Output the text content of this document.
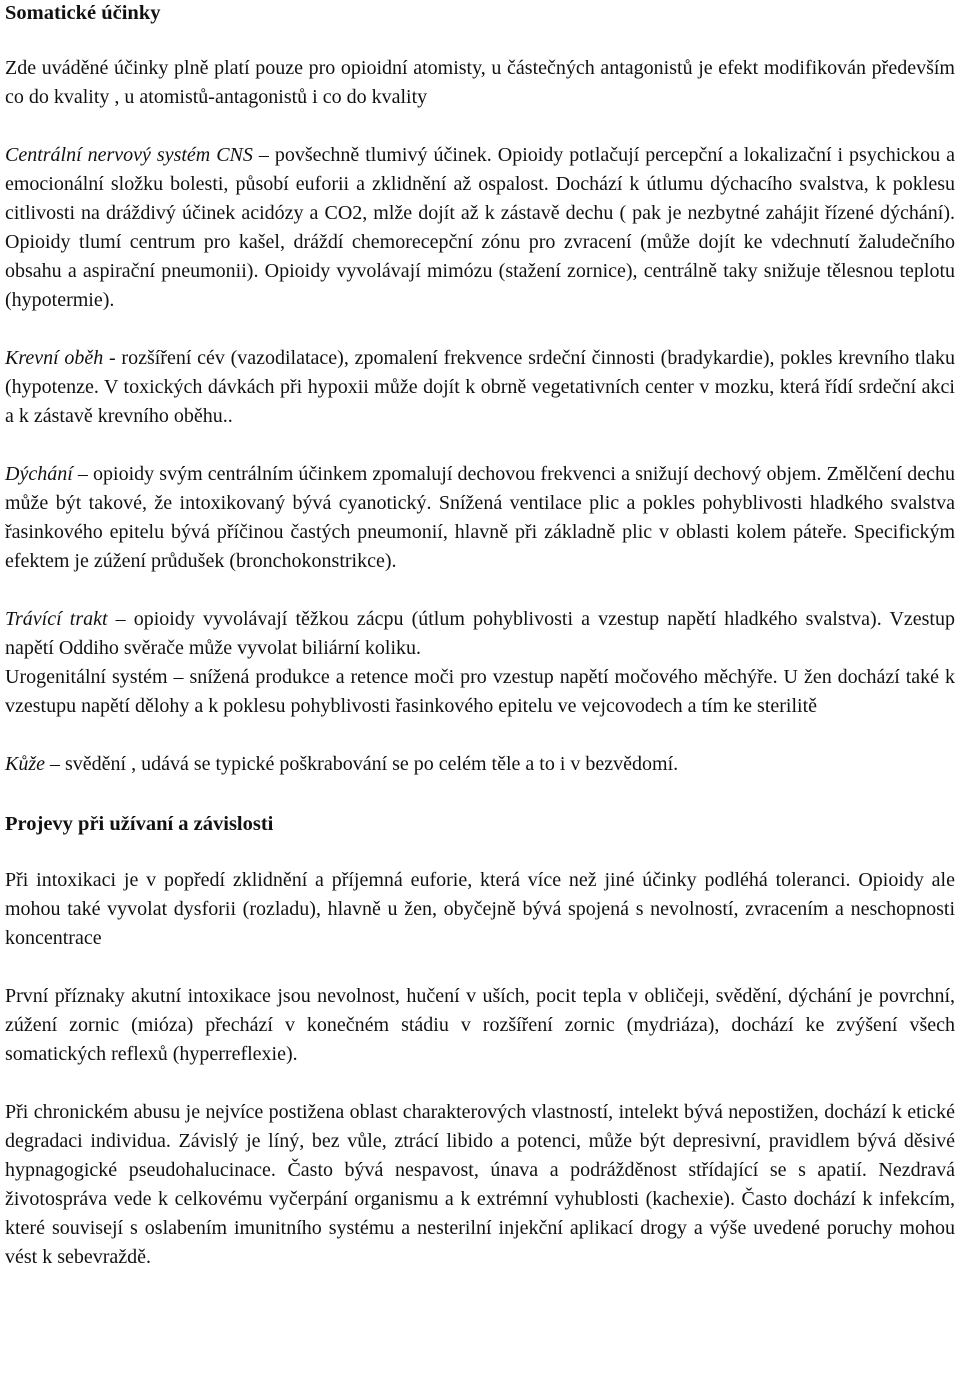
Somatické účinky

Zde uváděné účinky plně platí pouze pro opioidní atomisty, u částečných antagonistů je efekt modifikován především co do kvality , u atomistů-antagonistů i co do kvality

Centrální nervový systém CNS – povšechně tlumivý účinek. Opioidy potlačují percepční a lokalizační i psychickou a emocionální složku bolesti, působí euforii a zklidnění až ospalost. Dochází k útlumu dýchacího svalstva, k poklesu citlivosti na dráždivý účinek acidózy a CO2, mlže dojít až k zástavě dechu ( pak je nezbytné zahájit řízené dýchání). Opioidy tlumí centrum pro kašel, dráždí chemorecepční zónu pro zvracení (může dojít ke vdechnutí žaludečního obsahu a aspirační pneumonii). Opioidy vyvolávají mimózu (stažení zornice), centrálně taky snižuje tělesnou teplotu (hypotermie).

Krevní oběh - rozšíření cév (vazodilatace), zpomalení frekvence srdeční činnosti (bradykardie), pokles krevního tlaku (hypotenze. V toxických dávkách při hypoxii může dojít k obrně vegetativních center v mozku, která řídí srdeční akci a k zástavě krevního oběhu..

Dýchání – opioidy svým centrálním účinkem zpomalují dechovou frekvenci a snižují dechový objem. Změlčení dechu může být takové, že intoxikovaný bývá cyanotický. Snížená ventilace plic a pokles pohyblivosti hladkého svalstva řasinkového epitelu bývá příčinou častých pneumonií, hlavně při základně plic v oblasti kolem páteře. Specifickým efektem je zúžení průdušek (bronchokonstrikce).

Trávící trakt – opioidy vyvolávají těžkou zácpu (útlum pohyblivosti a vzestup napětí hladkého svalstva). Vzestup napětí Oddiho svěrače může vyvolat biliární koliku.

Urogenitální systém – snížená produkce a retence moči pro vzestup napětí močového měchýře. U žen dochází také k vzestupu napětí dělohy a k poklesu pohyblivosti řasinkového epitelu ve vejcovodech a tím ke sterilitě

Kůže – svědění , udává se typické poškrabování se po celém těle a to i v bezvědomí.

Projevy při užívaní a závislosti

Při intoxikaci je v popředí zklidnění a příjemná euforie, která více než jiné účinky podléhá toleranci. Opioidy ale mohou také vyvolat dysforii (rozladu), hlavně u žen, obyčejně bývá spojená s nevolností, zvracením a neschopnosti koncentrace

První příznaky akutní intoxikace jsou nevolnost, hučení v uších, pocit tepla v obličeji, svědění, dýchání je povrchní, zúžení zornic (mióza) přechází v konečném stádiu v rozšíření zornic (mydriáza), dochází ke zvýšení všech somatických reflexů (hyperreflexie).

Při chronickém abusu je nejvíce postižena oblast charakterových vlastností, intelekt bývá nepostižen, dochází k etické degradaci individua. Závislý je líný, bez vůle, ztrácí libido a potenci, může být depresivní, pravidlem bývá děsivé hypnagogické pseudohalucinace. Často bývá nespavost, únava a podrážděnost střídající se s apatií. Nezdravá životospráva vede k celkovému vyčerpání organismu a k extrémní vyhublosti (kachexie). Často dochází k infekcím, které souvisejí s oslabením imunitního systému a nesterilní injekční aplikací drogy a výše uvedené poruchy mohou vést k sebevraždě.
